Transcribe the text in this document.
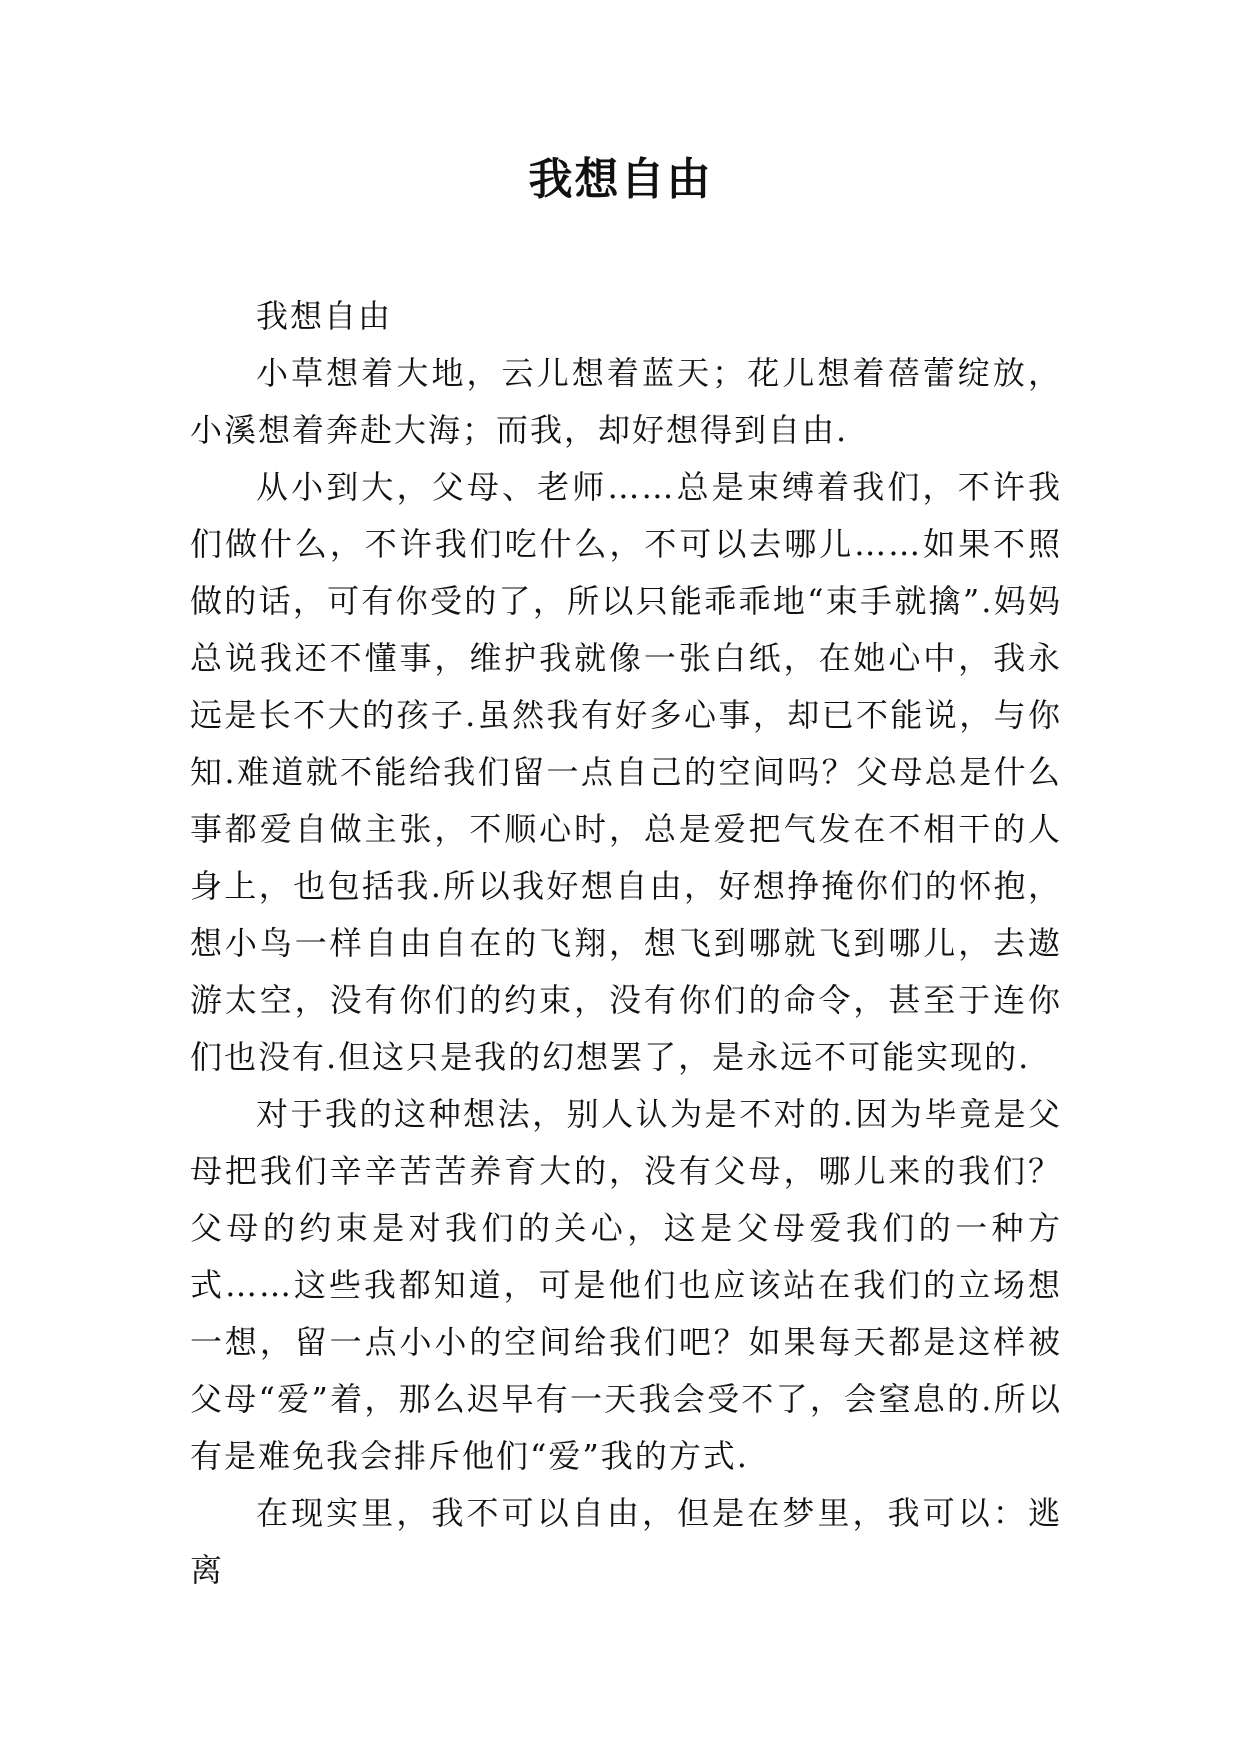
我想自由

我想自由

小草想着大地，云儿想着蓝天；花儿想着蓓蕾绽放，小溪想着奔赴大海；而我，却好想得到自由.

从小到大，父母、老师……总是束缚着我们，不许我们做什么，不许我们吃什么，不可以去哪儿……如果不照做的话，可有你受的了，所以只能乖乖地“束手就擒”.妈妈总说我还不懂事，维护我就像一张白纸，在她心中，我永远是长不大的孩子.虽然我有好多心事，却已不能说，与你知.难道就不能给我们留一点自己的空间吗？父母总是什么事都爱自做主张，不顺心时，总是爱把气发在不相干的人身上，也包括我.所以我好想自由，好想挣掩你们的怀抱，想小鸟一样自由自在的飞翔，想飞到哪就飞到哪儿，去遨游太空，没有你们的约束，没有你们的命令，甚至于连你们也没有.但这只是我的幻想罢了，是永远不可能实现的.

对于我的这种想法，别人认为是不对的.因为毕竟是父母把我们辛辛苦苦养育大的，没有父母，哪儿来的我们？父母的约束是对我们的关心，这是父母爱我们的一种方式……这些我都知道，可是他们也应该站在我们的立场想一想，留一点小小的空间给我们吧？如果每天都是这样被父母“爱”着，那么迟早有一天我会受不了，会窒息的.所以有是难免我会排斥他们“爱”我的方式.

在现实里，我不可以自由，但是在梦里，我可以：逃离
